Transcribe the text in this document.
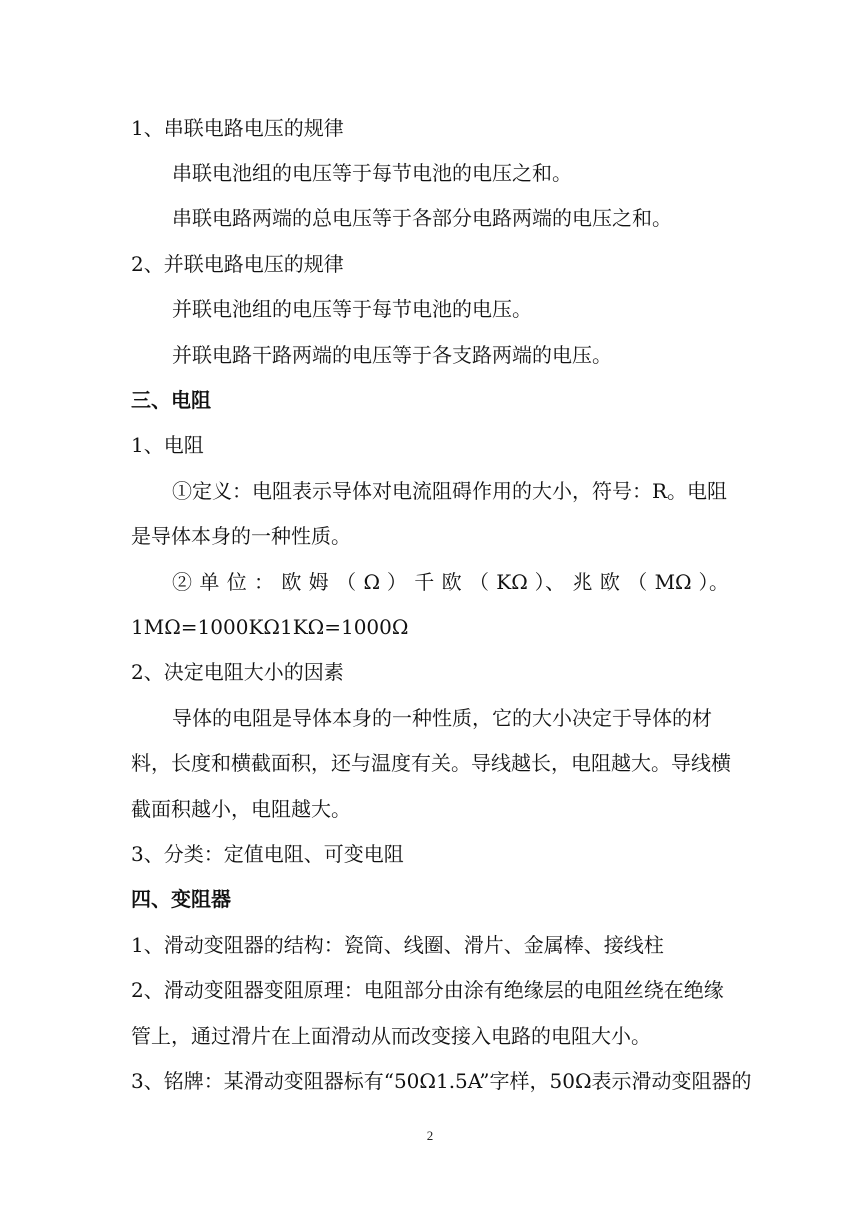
1、串联电路电压的规律
串联电池组的电压等于每节电池的电压之和。
串联电路两端的总电压等于各部分电路两端的电压之和。
2、并联电路电压的规律
并联电池组的电压等于每节电池的电压。
并联电路干路两端的电压等于各支路两端的电压。
三、电阻
1、电阻
①定义：电阻表示导体对电流阻碍作用的大小，符号：R。电阻
是导体本身的一种性质。
② 单 位 ： 欧 姆 （ Ω ） 千 欧 （ KΩ ）、 兆 欧 （ MΩ ）。
1MΩ=1000KΩ1KΩ=1000Ω
2、决定电阻大小的因素
导体的电阻是导体本身的一种性质，它的大小决定于导体的材
料，长度和横截面积，还与温度有关。导线越长，电阻越大。导线横
截面积越小，电阻越大。
3、分类：定值电阻、可变电阻
四、变阻器
1、滑动变阻器的结构：瓷筒、线圈、滑片、金属棒、接线柱
2、滑动变阻器变阻原理：电阻部分由涂有绝缘层的电阻丝绕在绝缘
管上，通过滑片在上面滑动从而改变接入电路的电阻大小。
3、铭牌：某滑动变阻器标有“50Ω1.5A”字样，50Ω表示滑动变阻器的
2
